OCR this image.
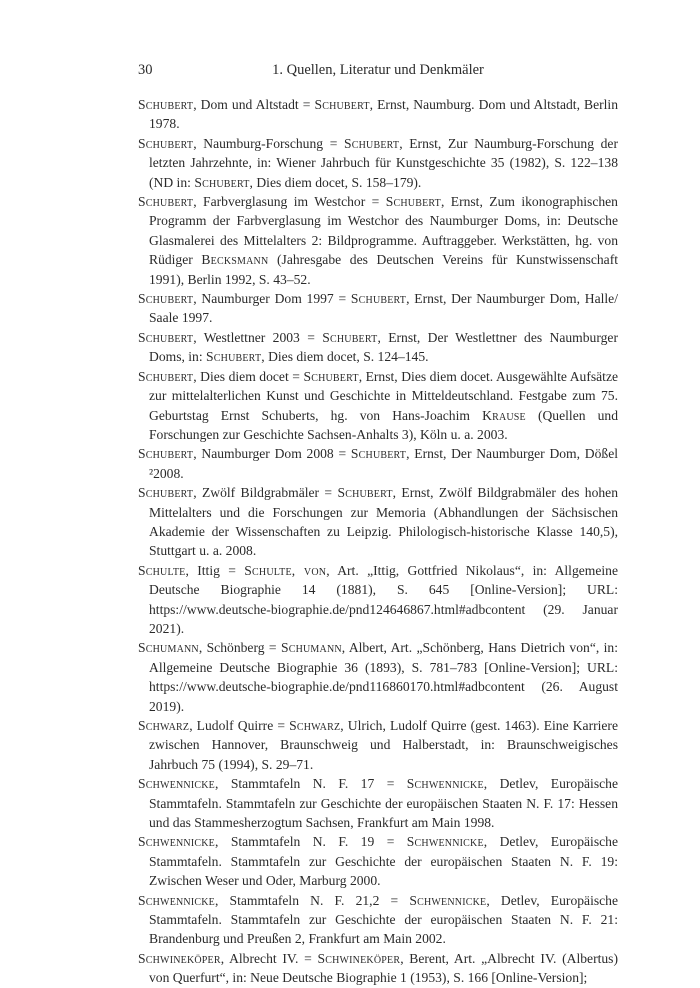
30	1. Quellen, Literatur und Denkmäler

Schubert, Dom und Altstadt = Schubert, Ernst, Naumburg. Dom und Altstadt, Berlin 1978.

Schubert, Naumburg-Forschung = Schubert, Ernst, Zur Naumburg-Forschung der letzten Jahrzehnte, in: Wiener Jahrbuch für Kunstgeschichte 35 (1982), S. 122–138 (ND in: Schubert, Dies diem docet, S. 158–179).

Schubert, Farbverglasung im Westchor = Schubert, Ernst, Zum ikonographischen Programm der Farbverglasung im Westchor des Naumburger Doms, in: Deutsche Glasmalerei des Mittelalters 2: Bildprogramme. Auftraggeber. Werkstätten, hg. von Rüdiger Becksmann (Jahresgabe des Deutschen Vereins für Kunstwissenschaft 1991), Berlin 1992, S. 43–52.

Schubert, Naumburger Dom 1997 = Schubert, Ernst, Der Naumburger Dom, Halle/ Saale 1997.

Schubert, Westlettner 2003 = Schubert, Ernst, Der Westlettner des Naumburger Doms, in: Schubert, Dies diem docet, S. 124–145.

Schubert, Dies diem docet = Schubert, Ernst, Dies diem docet. Ausgewählte Aufsätze zur mittelalterlichen Kunst und Geschichte in Mitteldeutschland. Festgabe zum 75. Geburtstag Ernst Schuberts, hg. von Hans-Joachim Krause (Quellen und Forschungen zur Geschichte Sachsen-Anhalts 3), Köln u. a. 2003.

Schubert, Naumburger Dom 2008 = Schubert, Ernst, Der Naumburger Dom, Dößel ²2008.

Schubert, Zwölf Bildgrabmäler = Schubert, Ernst, Zwölf Bildgrabmäler des hohen Mittelalters und die Forschungen zur Memoria (Abhandlungen der Sächsischen Akademie der Wissenschaften zu Leipzig. Philologisch-historische Klasse 140,5), Stuttgart u. a. 2008.

Schulte, Ittig = Schulte, von, Art. „Ittig, Gottfried Nikolaus“, in: Allgemeine Deutsche Biographie 14 (1881), S. 645 [Online-Version]; URL: https://www.deutsche-biographie.de/pnd124646867.html#adbcontent (29. Januar 2021).

Schumann, Schönberg = Schumann, Albert, Art. „Schönberg, Hans Dietrich von“, in: Allgemeine Deutsche Biographie 36 (1893), S. 781–783 [Online-Version]; URL: https://www.deutsche-biographie.de/pnd116860170.html#adbcontent (26. August 2019).

Schwarz, Ludolf Quirre = Schwarz, Ulrich, Ludolf Quirre (gest. 1463). Eine Karriere zwischen Hannover, Braunschweig und Halberstadt, in: Braunschweigisches Jahrbuch 75 (1994), S. 29–71.

Schwennicke, Stammtafeln N. F. 17 = Schwennicke, Detlev, Europäische Stammtafeln. Stammtafeln zur Geschichte der europäischen Staaten N. F. 17: Hessen und das Stammesherzogtum Sachsen, Frankfurt am Main 1998.

Schwennicke, Stammtafeln N. F. 19 = Schwennicke, Detlev, Europäische Stammtafeln. Stammtafeln zur Geschichte der europäischen Staaten N. F. 19: Zwischen Weser und Oder, Marburg 2000.

Schwennicke, Stammtafeln N. F. 21,2 = Schwennicke, Detlev, Europäische Stammtafeln. Stammtafeln zur Geschichte der europäischen Staaten N. F. 21: Brandenburg und Preußen 2, Frankfurt am Main 2002.

Schwineköper, Albrecht IV. = Schwineköper, Berent, Art. „Albrecht IV. (Albertus) von Querfurt“, in: Neue Deutsche Biographie 1 (1953), S. 166 [Online-Version];
